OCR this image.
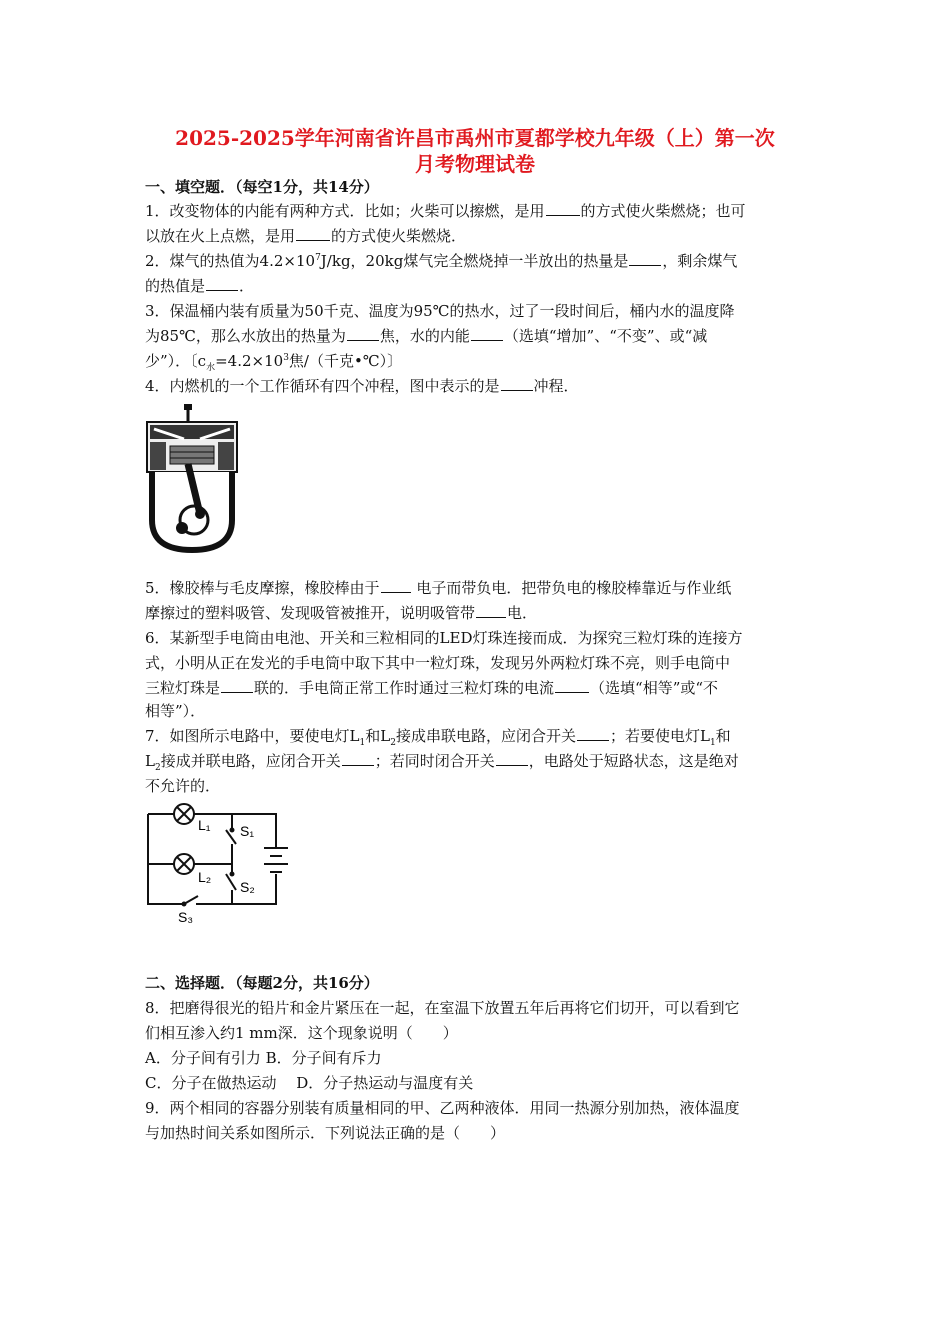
2025-2025学年河南省许昌市禹州市夏都学校九年级（上）第一次
月考物理试卷
一、填空题．（每空1分，共14分）
1．改变物体的内能有两种方式．比如；火柴可以擦燃，是用 的方式使火柴燃烧；也可
以放在火上点燃，是用 的方式使火柴燃烧．
2．煤气的热值为$4.2\times 10^7J/kg$，20kg煤气完全燃烧掉一半放出的热量是 ，剩余煤气
的热值是 ．
3．保温桶内装有质量为50千克、温度为95℃的热水，过了一段时间后，桶内水的温度降
为85℃，那么水放出的热量为 焦，水的内能 （选填“增加”、“不变”、或“减
少”）．〔$c_水=4.2\times 10^3$焦/（千克•℃）〕
4．内燃机的一个工作循环有四个冲程，图中表示的是 冲程．
5．橡胶棒与毛皮摩擦，橡胶棒由于 电子而带负电．把带负电的橡胶棒靠近与作业纸
摩擦过的塑料吸管、发现吸管被推开，说明吸管带 电．
6．某新型手电筒由电池、开关和三粒相同的LED灯珠连接而成．为探究三粒灯珠的连接方
式，小明从正在发光的手电筒中取下其中一粒灯珠，发现另外两粒灯珠不亮，则手电筒中
三粒灯珠是 联的．手电筒正常工作时通过三粒灯珠的电流 （选填“相等”或“不
相等”）．
7．如图所示电路中，要使电灯$L_1$和$L_2$接成串联电路，应闭合开关 ；若要使电灯$L_1$和
$L_2$接成并联电路，应闭合开关 ；若同时闭合开关 ，电路处于短路状态，这是绝对
不允许的．
L₁
L₂
S₁
S₂
S₃
二、选择题．（每题2分，共16分）
8．把磨得很光的铅片和金片紧压在一起，在室温下放置五年后再将它们切开，可以看到它
们相互渗入约1 mm深．这个现象说明（　　）
A．分子间有引力 B．分子间有斥力
C．分子在做热运动　 D．分子热运动与温度有关
9．两个相同的容器分别装有质量相同的甲、乙两种液体．用同一热源分别加热，液体温度
与加热时间关系如图所示．下列说法正确的是（　　）
